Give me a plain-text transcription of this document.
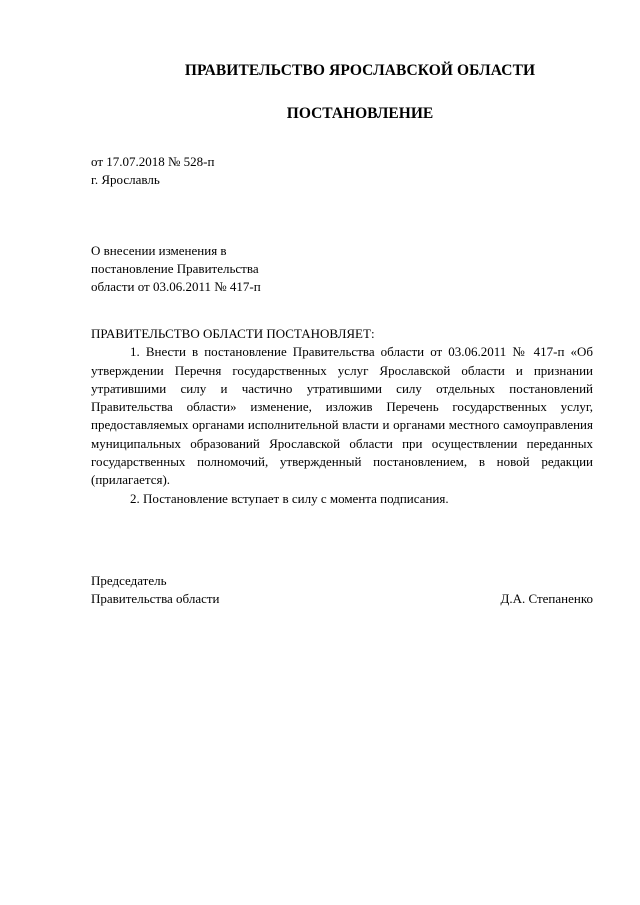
ПРАВИТЕЛЬСТВО ЯРОСЛАВСКОЙ ОБЛАСТИ
ПОСТАНОВЛЕНИЕ
от 17.07.2018 № 528-п
г. Ярославль
О внесении изменения в
постановление Правительства
области от 03.06.2011 № 417-п
ПРАВИТЕЛЬСТВО ОБЛАСТИ ПОСТАНОВЛЯЕТ:

1. Внести в постановление Правительства области от 03.06.2011 № 417-п «Об утверждении Перечня государственных услуг Ярославской области и признании утратившими силу и частично утратившими силу отдельных постановлений Правительства области» изменение, изложив Перечень государственных услуг, предоставляемых органами исполнительной власти и органами местного самоуправления муниципальных образований Ярославской области при осуществлении переданных государственных полномочий, утвержденный постановлением, в новой редакции (прилагается).

2. Постановление вступает в силу с момента подписания.

Председатель
Правительства области	Д.А. Степаненко
